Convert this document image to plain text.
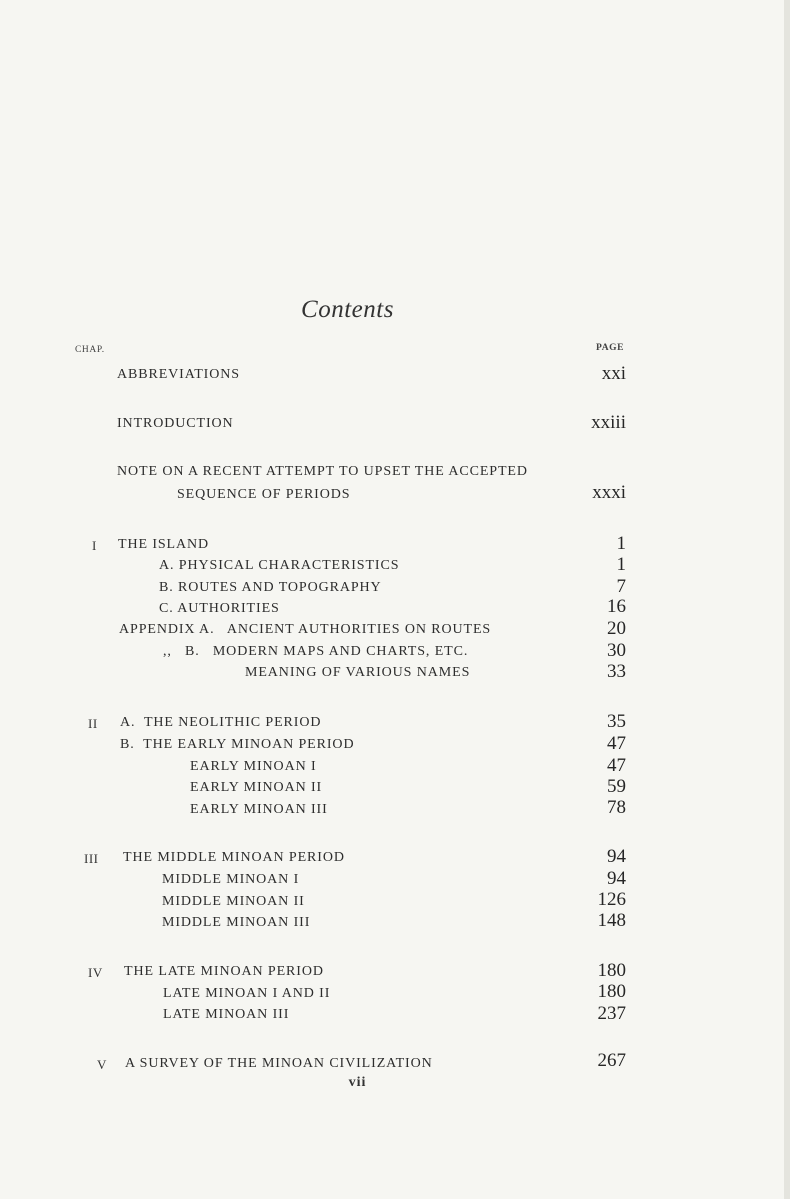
Contents
CHAP.	PAGE
ABBREVIATIONS	xxi
INTRODUCTION	xxiii
NOTE ON A RECENT ATTEMPT TO UPSET THE ACCEPTED
SEQUENCE OF PERIODS	xxxi
I THE ISLAND	1
A. PHYSICAL CHARACTERISTICS	1
B. ROUTES AND TOPOGRAPHY	7
C. AUTHORITIES	16
APPENDIX A.   ANCIENT AUTHORITIES ON ROUTES	20
,,   B.   MODERN MAPS AND CHARTS, ETC.	30
MEANING OF VARIOUS NAMES	33
II A.  THE NEOLITHIC PERIOD	35
B.  THE EARLY MINOAN PERIOD	47
EARLY MINOAN I	47
EARLY MINOAN II	59
EARLY MINOAN III	78
III THE MIDDLE MINOAN PERIOD	94
MIDDLE MINOAN I	94
MIDDLE MINOAN II	126
MIDDLE MINOAN III	148
IV THE LATE MINOAN PERIOD	180
LATE MINOAN I AND II	180
LATE MINOAN III	237
V A SURVEY OF THE MINOAN CIVILIZATION	267
vii
